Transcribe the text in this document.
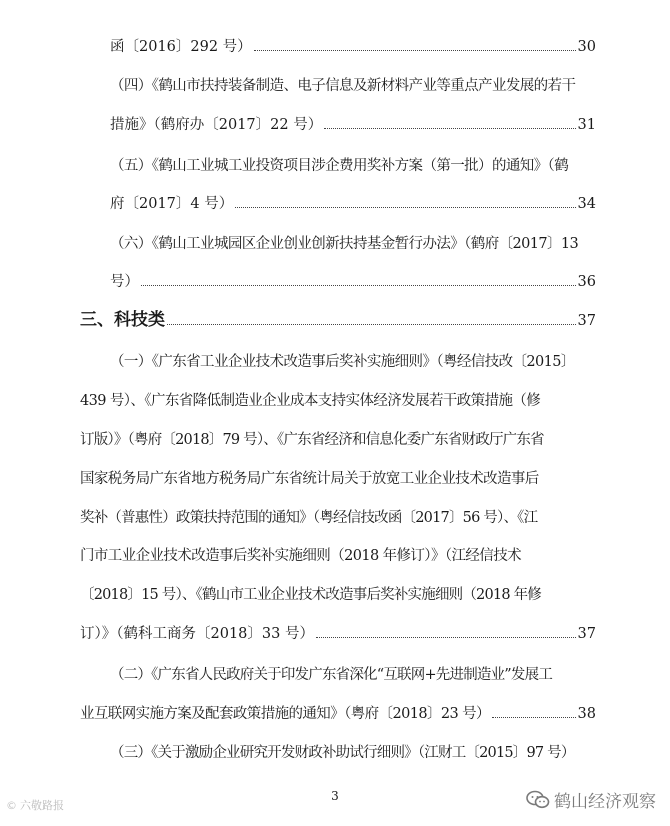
函〔2016〕292 号）	30
（四）《鹤山市扶持装备制造、电子信息及新材料产业等重点产业发展的若干
措施》（鹤府办〔2017〕22 号）	31
（五）《鹤山工业城工业投资项目涉企费用奖补方案（第一批）的通知》（鹤
府〔2017〕4 号）	34
（六）《鹤山工业城园区企业创业创新扶持基金暂行办法》（鹤府〔2017〕13
号）	36
三、科技类	37
（一）《广东省工业企业技术改造事后奖补实施细则》（粤经信技改〔2015〕
439 号）、《广东省降低制造业企业成本支持实体经济发展若干政策措施（修
订版）》（粤府〔2018〕79 号）、《广东省经济和信息化委广东省财政厅广东省
国家税务局广东省地方税务局广东省统计局关于放宽工业企业技术改造事后
奖补（普惠性）政策扶持范围的通知》（粤经信技改函〔2017〕56 号）、《江
门市工业企业技术改造事后奖补实施细则（2018 年修订）》（江经信技术
〔2018〕15 号）、《鹤山市工业企业技术改造事后奖补实施细则（2018 年修
订）》（鹤科工商务〔2018〕33 号）	37
（二）《广东省人民政府关于印发广东省深化“互联网+先进制造业”发展工
业互联网实施方案及配套政策措施的通知》（粤府〔2018〕23 号）	38
（三）《关于激励企业研究开发财政补助试行细则》（江财工〔2015〕97 号）
3
© 六敬路报	鹤山经济观察
